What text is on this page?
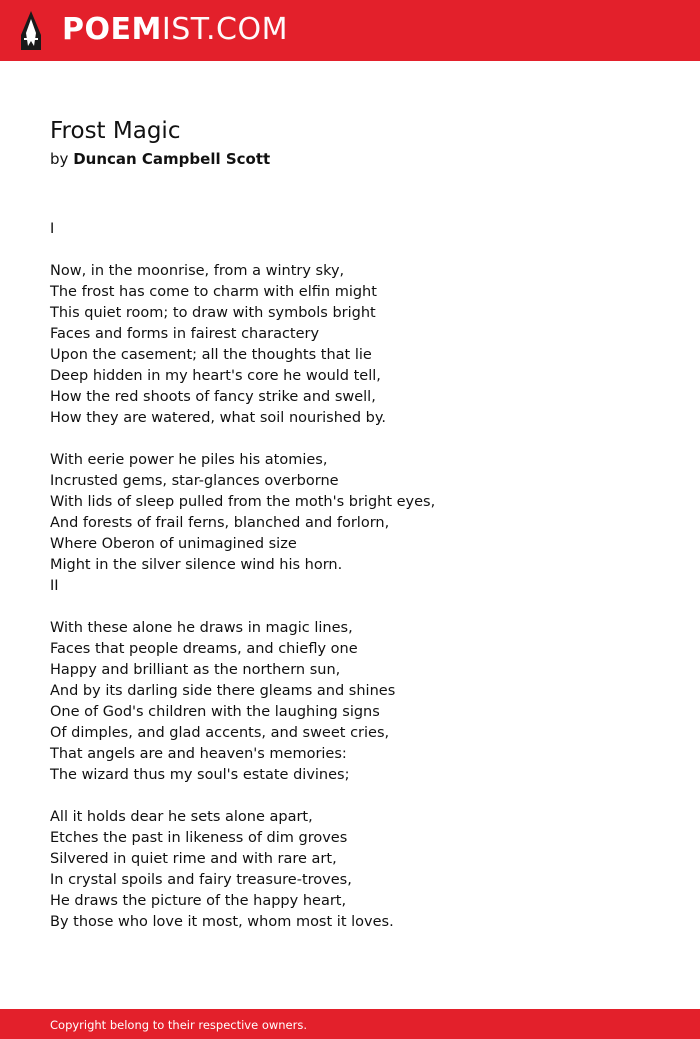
POEMIST.COM
Frost Magic
by Duncan Campbell Scott
I
Now, in the moonrise, from a wintry sky,
The frost has come to charm with elfin might
This quiet room; to draw with symbols bright
Faces and forms in fairest charactery
Upon the casement; all the thoughts that lie
Deep hidden in my heart's core he would tell,
How the red shoots of fancy strike and swell,
How they are watered, what soil nourished by.
With eerie power he piles his atomies,
Incrusted gems, star-glances overborne
With lids of sleep pulled from the moth's bright eyes,
And forests of frail ferns, blanched and forlorn,
Where Oberon of unimagined size
Might in the silver silence wind his horn.
II
With these alone he draws in magic lines,
Faces that people dreams, and chiefly one
Happy and brilliant as the northern sun,
And by its darling side there gleams and shines
One of God's children with the laughing signs
Of dimples, and glad accents, and sweet cries,
That angels are and heaven's memories:
The wizard thus my soul's estate divines;
All it holds dear he sets alone apart,
Etches the past in likeness of dim groves
Silvered in quiet rime and with rare art,
In crystal spoils and fairy treasure-troves,
He draws the picture of the happy heart,
By those who love it most, whom most it loves.
Copyright belong to their respective owners.
